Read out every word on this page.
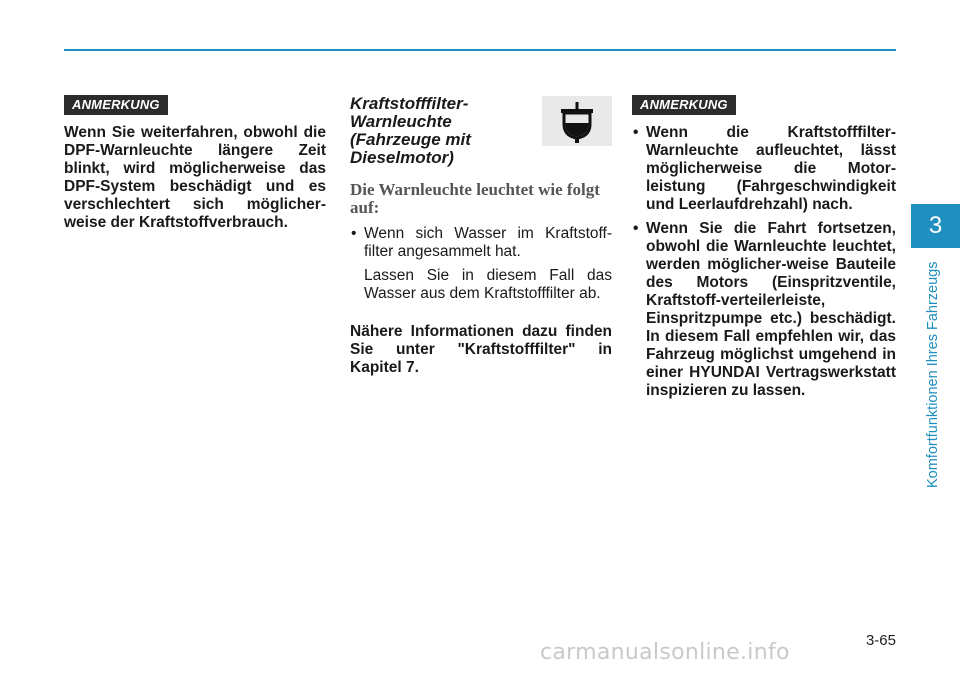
ANMERKUNG
Wenn Sie weiterfahren, obwohl die DPF-Warnleuchte längere Zeit blinkt, wird möglicherweise das DPF-System beschädigt und es verschlechtert sich möglicher-weise der Kraftstoffverbrauch.
Kraftstofffilter-
Warnleuchte
(Fahrzeuge mit
Dieselmotor)
Die Warnleuchte leuchtet wie folgt auf:
• Wenn sich Wasser im Kraftstoff-filter angesammelt hat.
Lassen Sie in diesem Fall das Wasser aus dem Kraftstofffilter ab.
Nähere Informationen dazu finden Sie unter "Kraftstofffilter" in Kapitel 7.
ANMERKUNG
• Wenn die Kraftstofffilter-Warnleuchte aufleuchtet, lässt möglicherweise die Motor-leistung (Fahrgeschwindigkeit und Leerlaufdrehzahl) nach.
• Wenn Sie die Fahrt fortsetzen, obwohl die Warnleuchte leuchtet, werden möglicher-weise Bauteile des Motors (Einspritzventile, Kraftstoff-verteilerleiste, Einspritzpumpe etc.) beschädigt. In diesem Fall empfehlen wir, das Fahrzeug möglichst umgehend in einer HYUNDAI Vertragswerkstatt inspizieren zu lassen.
3
Komfortfunktionen Ihres Fahrzeugs
3-65
carmanualsonline.info
